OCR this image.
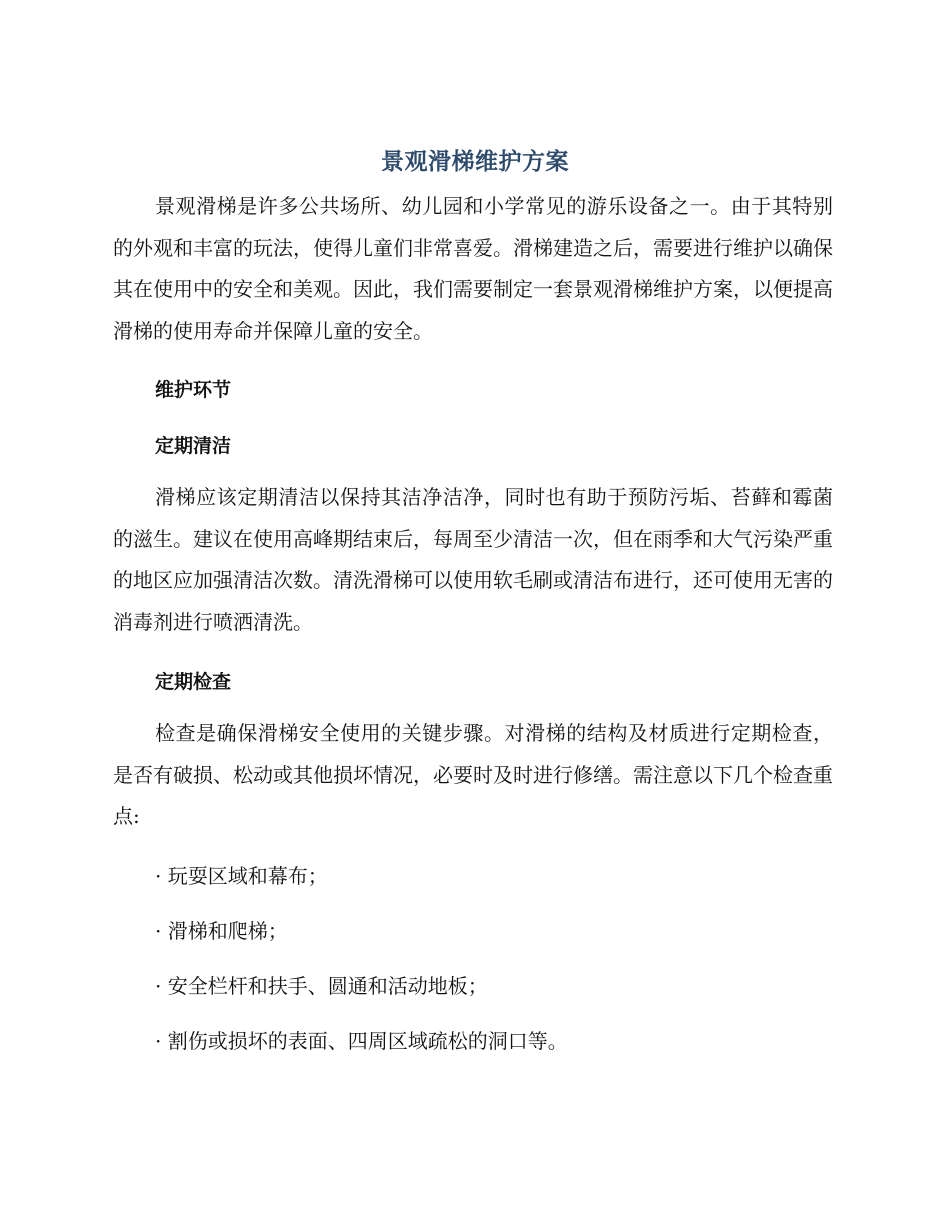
景观滑梯维护方案

景观滑梯是许多公共场所、幼儿园和小学常见的游乐设备之一。由于其特别的外观和丰富的玩法，使得儿童们非常喜爱。滑梯建造之后，需要进行维护以确保其在使用中的安全和美观。因此，我们需要制定一套景观滑梯维护方案，以便提高滑梯的使用寿命并保障儿童的安全。

维护环节

定期清洁

滑梯应该定期清洁以保持其洁净洁净，同时也有助于预防污垢、苔藓和霉菌的滋生。建议在使用高峰期结束后，每周至少清洁一次，但在雨季和大气污染严重的地区应加强清洁次数。清洗滑梯可以使用软毛刷或清洁布进行，还可使用无害的消毒剂进行喷洒清洗。

定期检查

检查是确保滑梯安全使用的关键步骤。对滑梯的结构及材质进行定期检查，是否有破损、松动或其他损坏情况，必要时及时进行修缮。需注意以下几个检查重点:

· 玩耍区域和幕布；

· 滑梯和爬梯；

· 安全栏杆和扶手、圆通和活动地板；

· 割伤或损坏的表面、四周区域疏松的洞口等。
